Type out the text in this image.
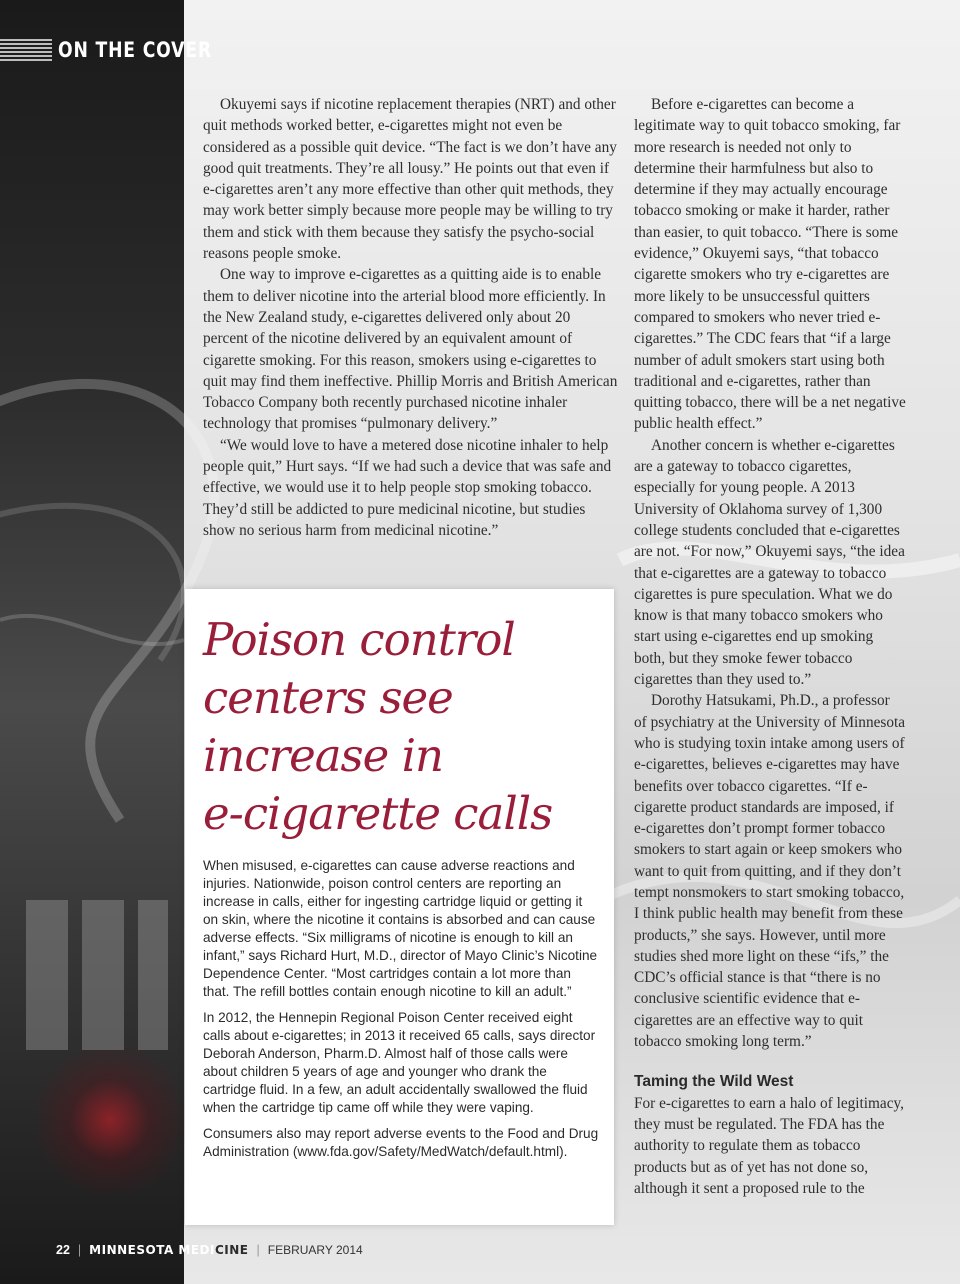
ON THE COVER

Okuyemi says if nicotine replacement therapies (NRT) and other quit methods worked better, e-cigarettes might not even be considered as a possible quit device. “The fact is we don’t have any good quit treatments. They’re all lousy.” He points out that even if e-cigarettes aren’t any more effective than other quit methods, they may work better simply because more people may be willing to try them and stick with them because they satisfy the psycho-social reasons people smoke.

One way to improve e-cigarettes as a quitting aide is to enable them to deliver nicotine into the arterial blood more efficiently. In the New Zealand study, e-cigarettes delivered only about 20 percent of the nicotine delivered by an equivalent amount of cigarette smoking. For this reason, smokers using e-cigarettes to quit may find them ineffective. Phillip Morris and British American Tobacco Company both recently purchased nicotine inhaler technology that promises “pulmonary delivery.”

“We would love to have a metered dose nicotine inhaler to help people quit,” Hurt says. “If we had such a device that was safe and effective, we would use it to help people stop smoking tobacco. They’d still be addicted to pure medicinal nicotine, but studies show no serious harm from medicinal nicotine.”

Before e-cigarettes can become a legitimate way to quit tobacco smoking, far more research is needed not only to determine their harmfulness but also to determine if they may actually encourage tobacco smoking or make it harder, rather than easier, to quit tobacco. “There is some evidence,” Okuyemi says, “that tobacco cigarette smokers who try e-cigarettes are more likely to be unsuccessful quitters compared to smokers who never tried e-cigarettes.” The CDC fears that “if a large number of adult smokers start using both traditional and e-cigarettes, rather than quitting tobacco, there will be a net negative public health effect.”

Another concern is whether e-cigarettes are a gateway to tobacco cigarettes, especially for young people. A 2013 University of Oklahoma survey of 1,300 college students concluded that e-cigarettes are not. “For now,” Okuyemi says, “the idea that e-cigarettes are a gateway to tobacco cigarettes is pure speculation. What we do know is that many tobacco smokers who start using e-cigarettes end up smoking both, but they smoke fewer tobacco cigarettes than they used to.”

Dorothy Hatsukami, Ph.D., a professor of psychiatry at the University of Minnesota who is studying toxin intake among users of e-cigarettes, believes e-cigarettes may have benefits over tobacco cigarettes. “If e-cigarette product standards are imposed, if e-cigarettes don’t prompt former tobacco smokers to start again or keep smokers who want to quit from quitting, and if they don’t tempt nonsmokers to start smoking tobacco, I think public health may benefit from these products,” she says. However, until more studies shed more light on these “ifs,” the CDC’s official stance is that “there is no conclusive scientific evidence that e-cigarettes are an effective way to quit tobacco smoking long term.”

Taming the Wild West

For e-cigarettes to earn a halo of legitimacy, they must be regulated. The FDA has the authority to regulate them as tobacco products but as of yet has not done so, although it sent a proposed rule to the

Poison control
centers see
increase in
e-cigarette calls

When misused, e-cigarettes can cause adverse reactions and injuries. Nationwide, poison control centers are reporting an increase in calls, either for ingesting cartridge liquid or getting it on skin, where the nicotine it contains is absorbed and can cause adverse effects. “Six milligrams of nicotine is enough to kill an infant,” says Richard Hurt, M.D., director of Mayo Clinic’s Nicotine Dependence Center. “Most cartridges contain a lot more than that. The refill bottles contain enough nicotine to kill an adult.”

In 2012, the Hennepin Regional Poison Center received eight calls about e-cigarettes; in 2013 it received 65 calls, says director Deborah Anderson, Pharm.D. Almost half of those calls were about children 5 years of age and younger who drank the cartridge fluid. In a few, an adult accidentally swallowed the fluid when the cartridge tip came off while they were vaping.

Consumers also may report adverse events to the Food and Drug Administration (www.fda.gov/Safety/MedWatch/default.html).

22 | MINNESOTA MEDICINE | FEBRUARY 2014
